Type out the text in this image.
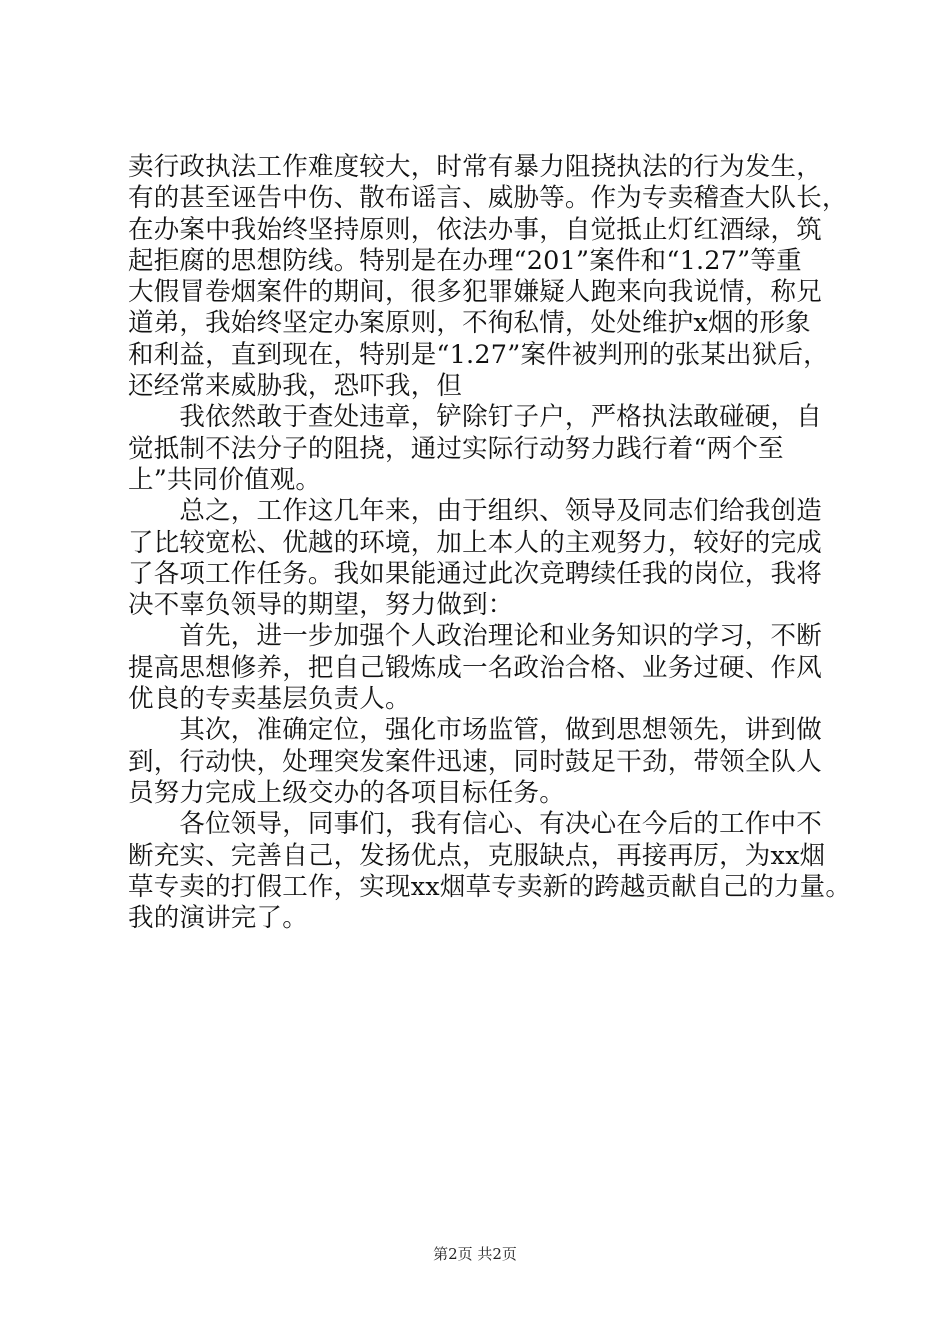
卖行政执法工作难度较大，时常有暴力阻挠执法的行为发生，
有的甚至诬告中伤、散布谣言、威胁等。作为专卖稽查大队长，
在办案中我始终坚持原则，依法办事，自觉抵止灯红酒绿，筑
起拒腐的思想防线。特别是在办理“201”案件和“1.27”等重
大假冒卷烟案件的期间，很多犯罪嫌疑人跑来向我说情，称兄
道弟，我始终坚定办案原则，不徇私情，处处维护x烟的形象
和利益，直到现在，特别是“1.27”案件被判刑的张某出狱后，
还经常来威胁我，恐吓我，但
　　我依然敢于查处违章，铲除钉子户，严格执法敢碰硬，自
觉抵制不法分子的阻挠，通过实际行动努力践行着“两个至
上”共同价值观。
　　总之，工作这几年来，由于组织、领导及同志们给我创造
了比较宽松、优越的环境，加上本人的主观努力，较好的完成
了各项工作任务。我如果能通过此次竞聘续任我的岗位，我将
决不辜负领导的期望，努力做到：
　　首先，进一步加强个人政治理论和业务知识的学习，不断
提高思想修养，把自己锻炼成一名政治合格、业务过硬、作风
优良的专卖基层负责人。
　　其次，准确定位，强化市场监管，做到思想领先，讲到做
到，行动快，处理突发案件迅速，同时鼓足干劲，带领全队人
员努力完成上级交办的各项目标任务。
　　各位领导，同事们，我有信心、有决心在今后的工作中不
断充实、完善自己，发扬优点，克服缺点，再接再厉，为xx烟
草专卖的打假工作，实现xx烟草专卖新的跨越贡献自己的力量。
我的演讲完了。
第2页 共2页
